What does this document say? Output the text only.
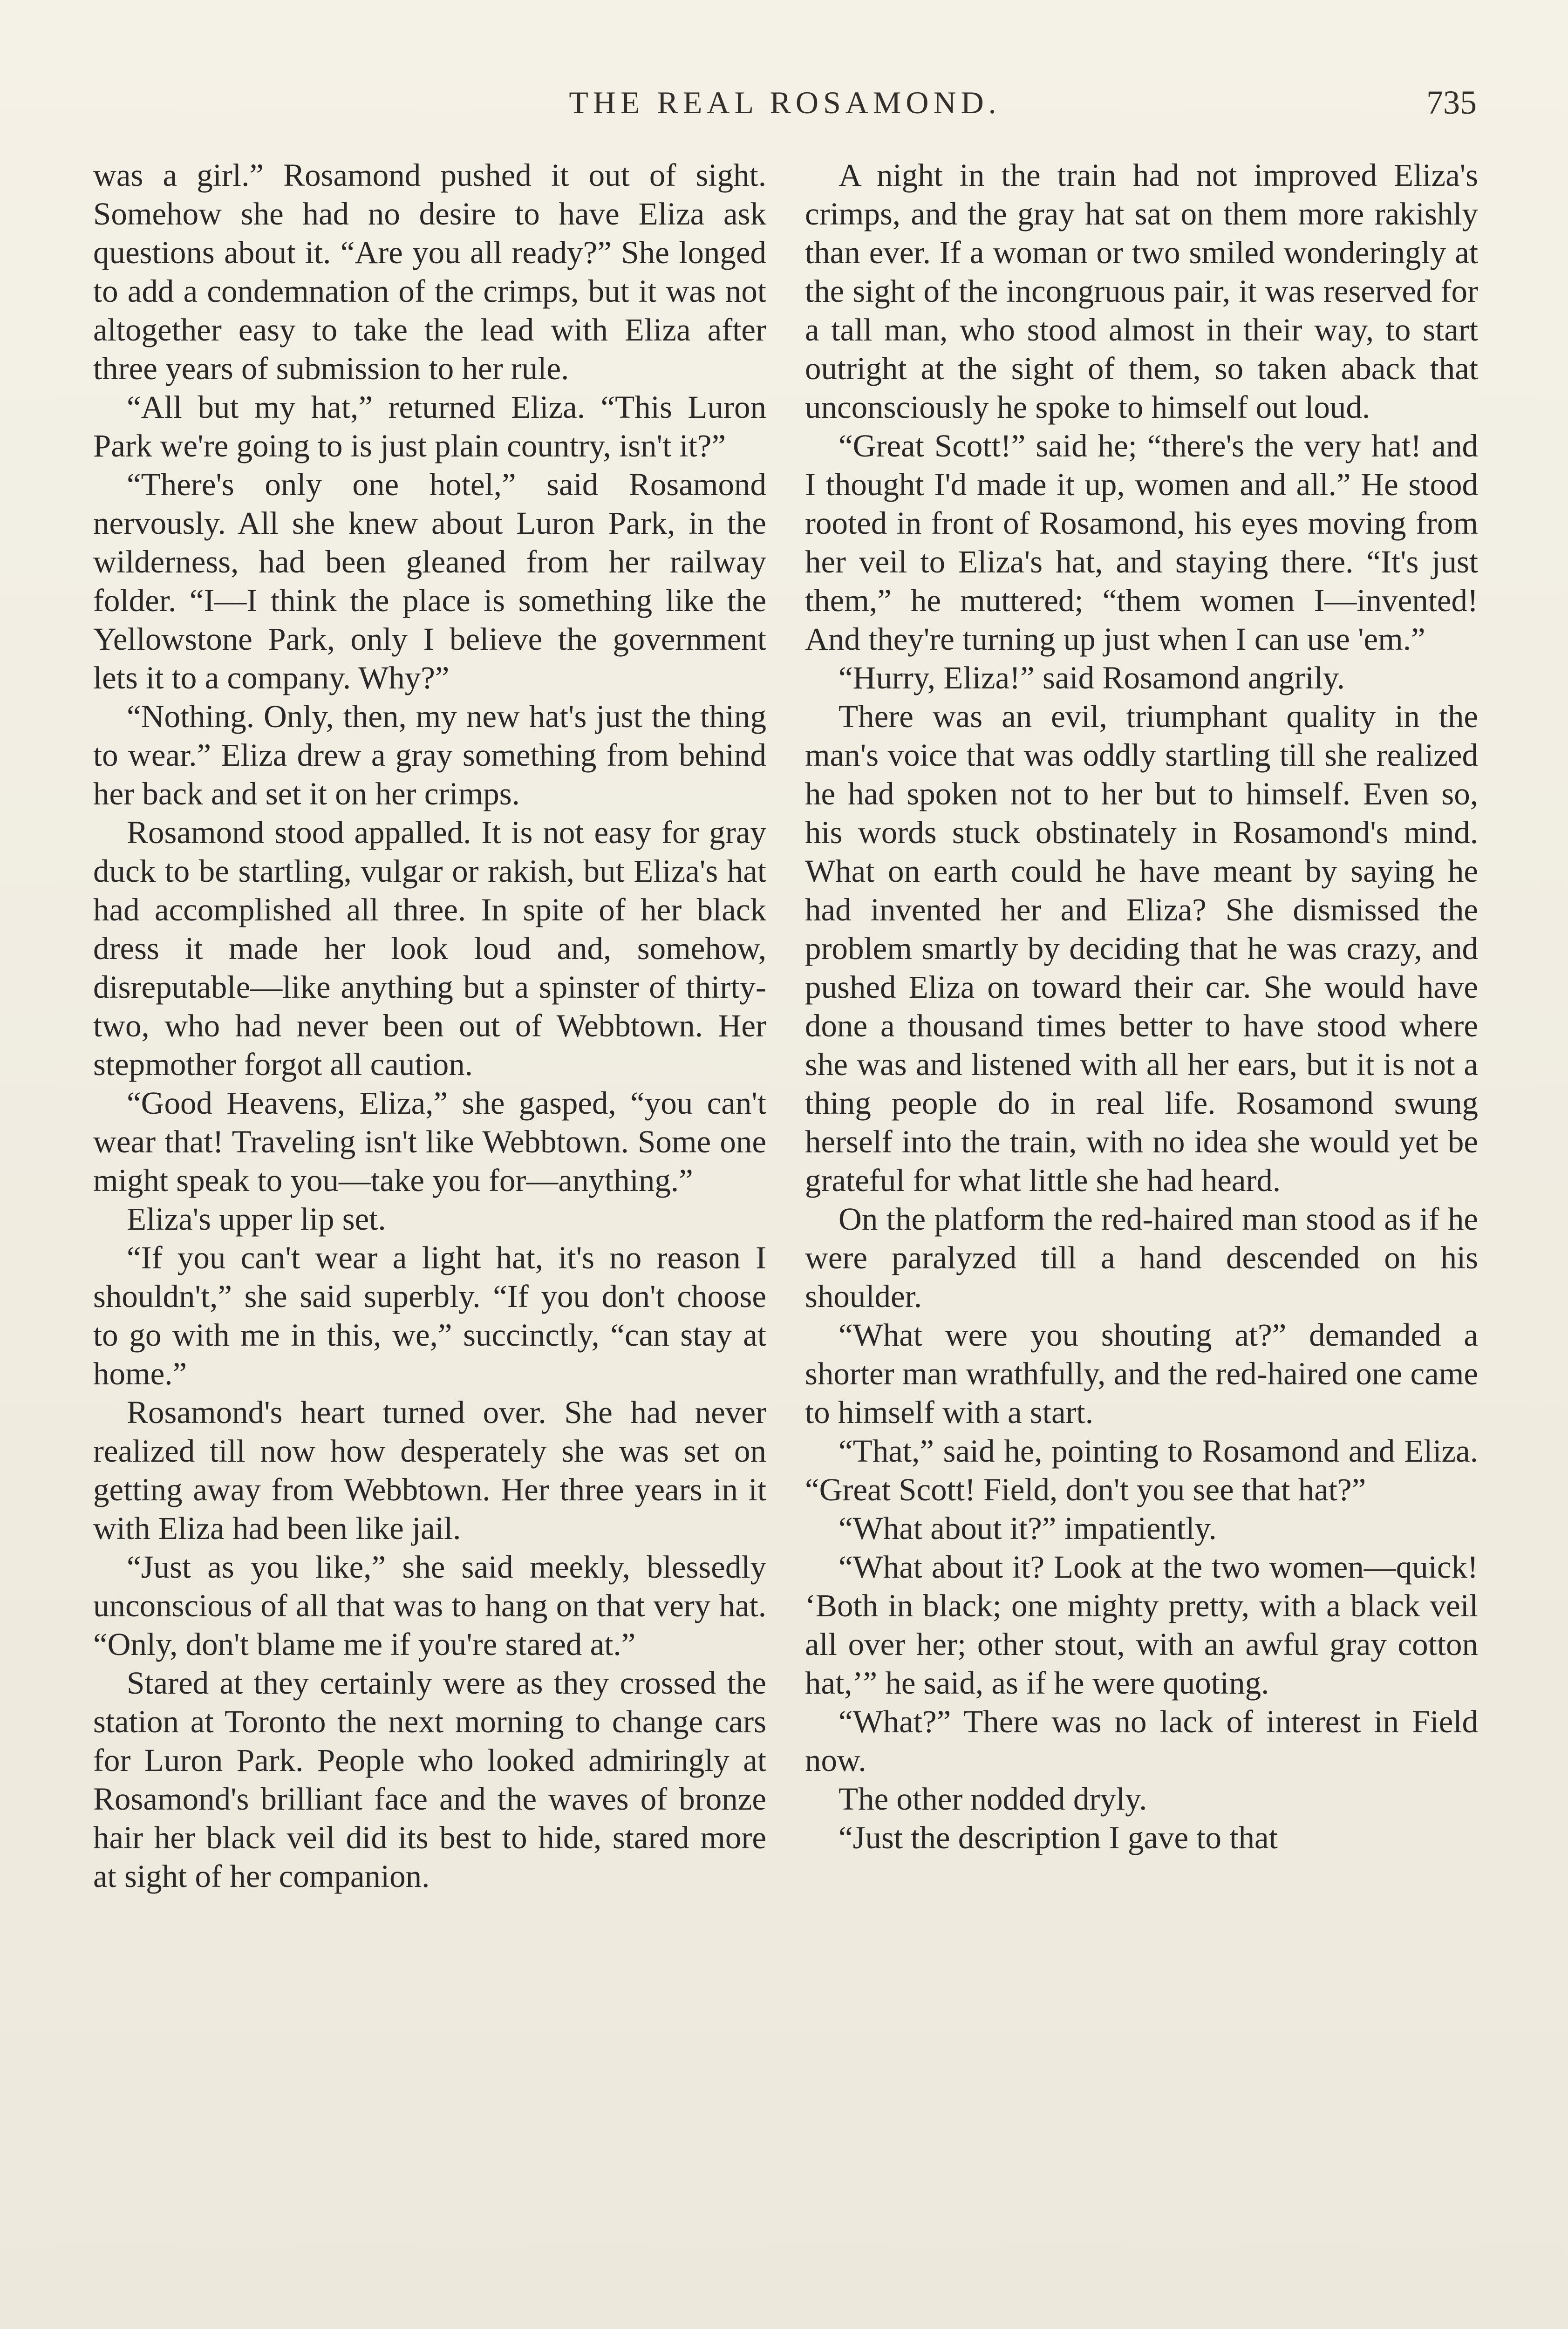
THE REAL ROSAMOND.	735

was a girl.” Rosamond pushed it out of sight. Somehow she had no desire to have Eliza ask questions about it. “Are you all ready?” She longed to add a condemnation of the crimps, but it was not altogether easy to take the lead with Eliza after three years of submission to her rule.

“All but my hat,” returned Eliza. “This Luron Park we're going to is just plain country, isn't it?”

“There's only one hotel,” said Rosamond nervously. All she knew about Luron Park, in the wilderness, had been gleaned from her railway folder. “I—I think the place is something like the Yellowstone Park, only I believe the government lets it to a company. Why?”

“Nothing. Only, then, my new hat's just the thing to wear.” Eliza drew a gray something from behind her back and set it on her crimps.

Rosamond stood appalled. It is not easy for gray duck to be startling, vulgar or rakish, but Eliza's hat had accomplished all three. In spite of her black dress it made her look loud and, somehow, disreputable—like anything but a spinster of thirty-two, who had never been out of Webbtown. Her stepmother forgot all caution.

“Good Heavens, Eliza,” she gasped, “you can't wear that! Traveling isn't like Webbtown. Some one might speak to you—take you for—anything.”

Eliza's upper lip set.

“If you can't wear a light hat, it's no reason I shouldn't,” she said superbly. “If you don't choose to go with me in this, we,” succinctly, “can stay at home.”

Rosamond's heart turned over. She had never realized till now how desperately she was set on getting away from Webbtown. Her three years in it with Eliza had been like jail.

“Just as you like,” she said meekly, blessedly unconscious of all that was to hang on that very hat. “Only, don't blame me if you're stared at.”

Stared at they certainly were as they crossed the station at Toronto the next morning to change cars for Luron Park. People who looked admiringly at Rosamond's brilliant face and the waves of bronze hair her black veil did its best to hide, stared more at sight of her companion.

A night in the train had not improved Eliza's crimps, and the gray hat sat on them more rakishly than ever. If a woman or two smiled wonderingly at the sight of the incongruous pair, it was reserved for a tall man, who stood almost in their way, to start outright at the sight of them, so taken aback that unconsciously he spoke to himself out loud.

“Great Scott!” said he; “there's the very hat! and I thought I'd made it up, women and all.” He stood rooted in front of Rosamond, his eyes moving from her veil to Eliza's hat, and staying there. “It's just them,” he muttered; “them women I—invented! And they're turning up just when I can use 'em.”

“Hurry, Eliza!” said Rosamond angrily.

There was an evil, triumphant quality in the man's voice that was oddly startling till she realized he had spoken not to her but to himself. Even so, his words stuck obstinately in Rosamond's mind. What on earth could he have meant by saying he had invented her and Eliza? She dismissed the problem smartly by deciding that he was crazy, and pushed Eliza on toward their car. She would have done a thousand times better to have stood where she was and listened with all her ears, but it is not a thing people do in real life. Rosamond swung herself into the train, with no idea she would yet be grateful for what little she had heard.

On the platform the red-haired man stood as if he were paralyzed till a hand descended on his shoulder.

“What were you shouting at?” demanded a shorter man wrathfully, and the red-haired one came to himself with a start.

“That,” said he, pointing to Rosamond and Eliza. “Great Scott! Field, don't you see that hat?”

“What about it?” impatiently.

“What about it? Look at the two women—quick! ‘Both in black; one mighty pretty, with a black veil all over her; other stout, with an awful gray cotton hat,’” he said, as if he were quoting.

“What?” There was no lack of interest in Field now.

The other nodded dryly.

“Just the description I gave to that
